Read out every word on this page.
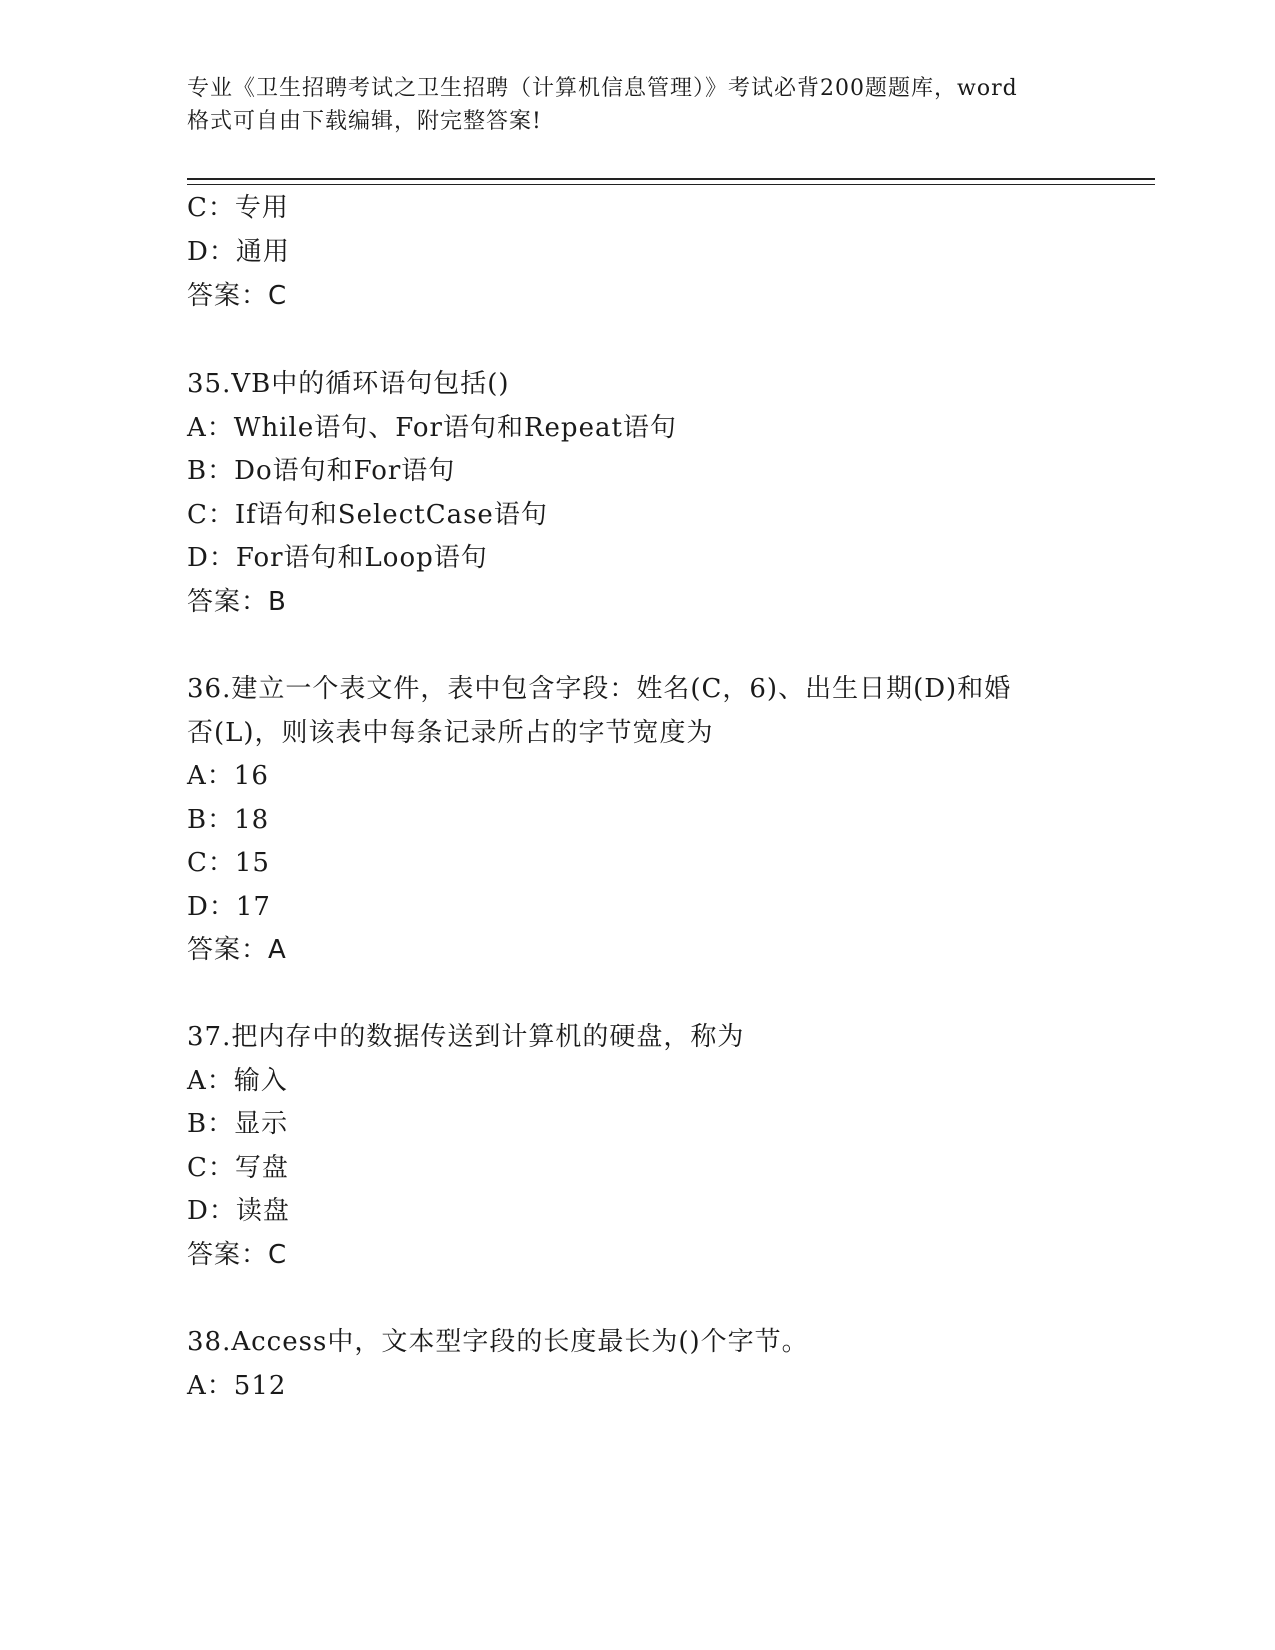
专业《卫生招聘考试之卫生招聘（计算机信息管理）》考试必背200题题库，word
格式可自由下载编辑，附完整答案!
C：专用
D：通用
答案：C
35.VB中的循环语句包括()
A：While语句、For语句和Repeat语句
B：Do语句和For语句
C：If语句和SelectCase语句
D：For语句和Loop语句
答案：B
36.建立一个表文件，表中包含字段：姓名(C，6)、出生日期(D)和婚
否(L)，则该表中每条记录所占的字节宽度为
A：16
B：18
C：15
D：17
答案：A
37.把内存中的数据传送到计算机的硬盘，称为
A：输入
B：显示
C：写盘
D：读盘
答案：C
38.Access中，文本型字段的长度最长为()个字节。
A：512
